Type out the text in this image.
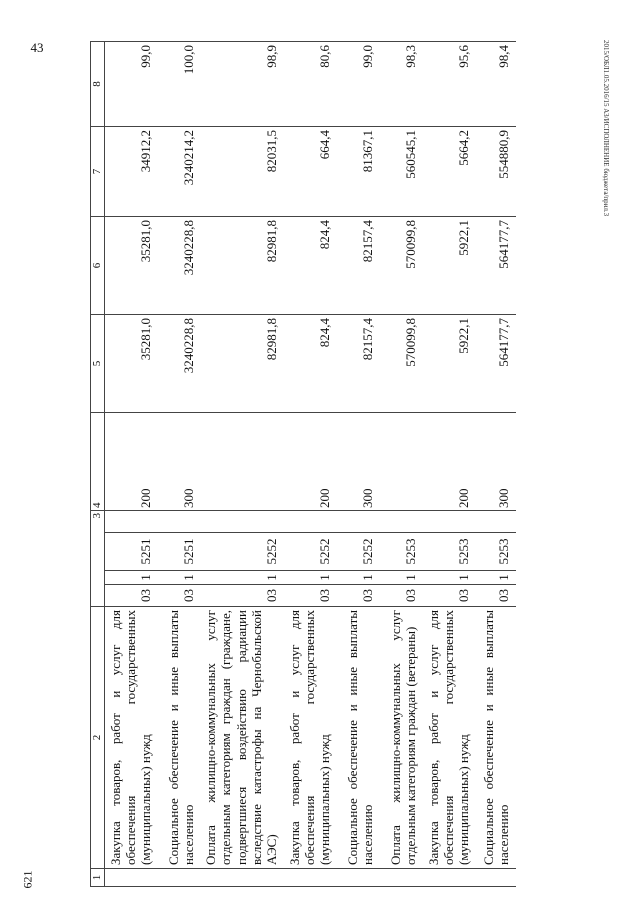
43	2015/ОБЛ1.05.2016/15 АЗ/ИСПОЛНЕНИЕ бюджета/прил.3
621	1	2	3				4	5	6	7	8
	Закупка товаров, работ и услуг для обеспечения государственных (муниципальных) нужд	03	1	5251		200	35281,0	35281,0	34912,2	99,0
	Социальное обеспечение и иные выплаты населению	03	1	5251		300	3240228,8	3240228,8	3240214,2	100,0
	Оплата жилищно-коммунальных услуг отдельным категориям граждан (граждане, подвергшиеся воздействию радиации вследствие катастрофы на Чернобыльской АЭС)	03	1	5252			82981,8	82981,8	82031,5	98,9
	Закупка товаров, работ и услуг для обеспечения государственных (муниципальных) нужд	03	1	5252		200	824,4	824,4	664,4	80,6
	Социальное обеспечение и иные выплаты населению	03	1	5252		300	82157,4	82157,4	81367,1	99,0
	Оплата жилищно-коммунальных услуг отдельным категориям граждан (ветераны)	03	1	5253			570099,8	570099,8	560545,1	98,3
	Закупка товаров, работ и услуг для обеспечения государственных (муниципальных) нужд	03	1	5253		200	5922,1	5922,1	5664,2	95,6
	Социальное обеспечение и иные выплаты населению	03	1	5253		300	564177,7	564177,7	554880,9	98,4
